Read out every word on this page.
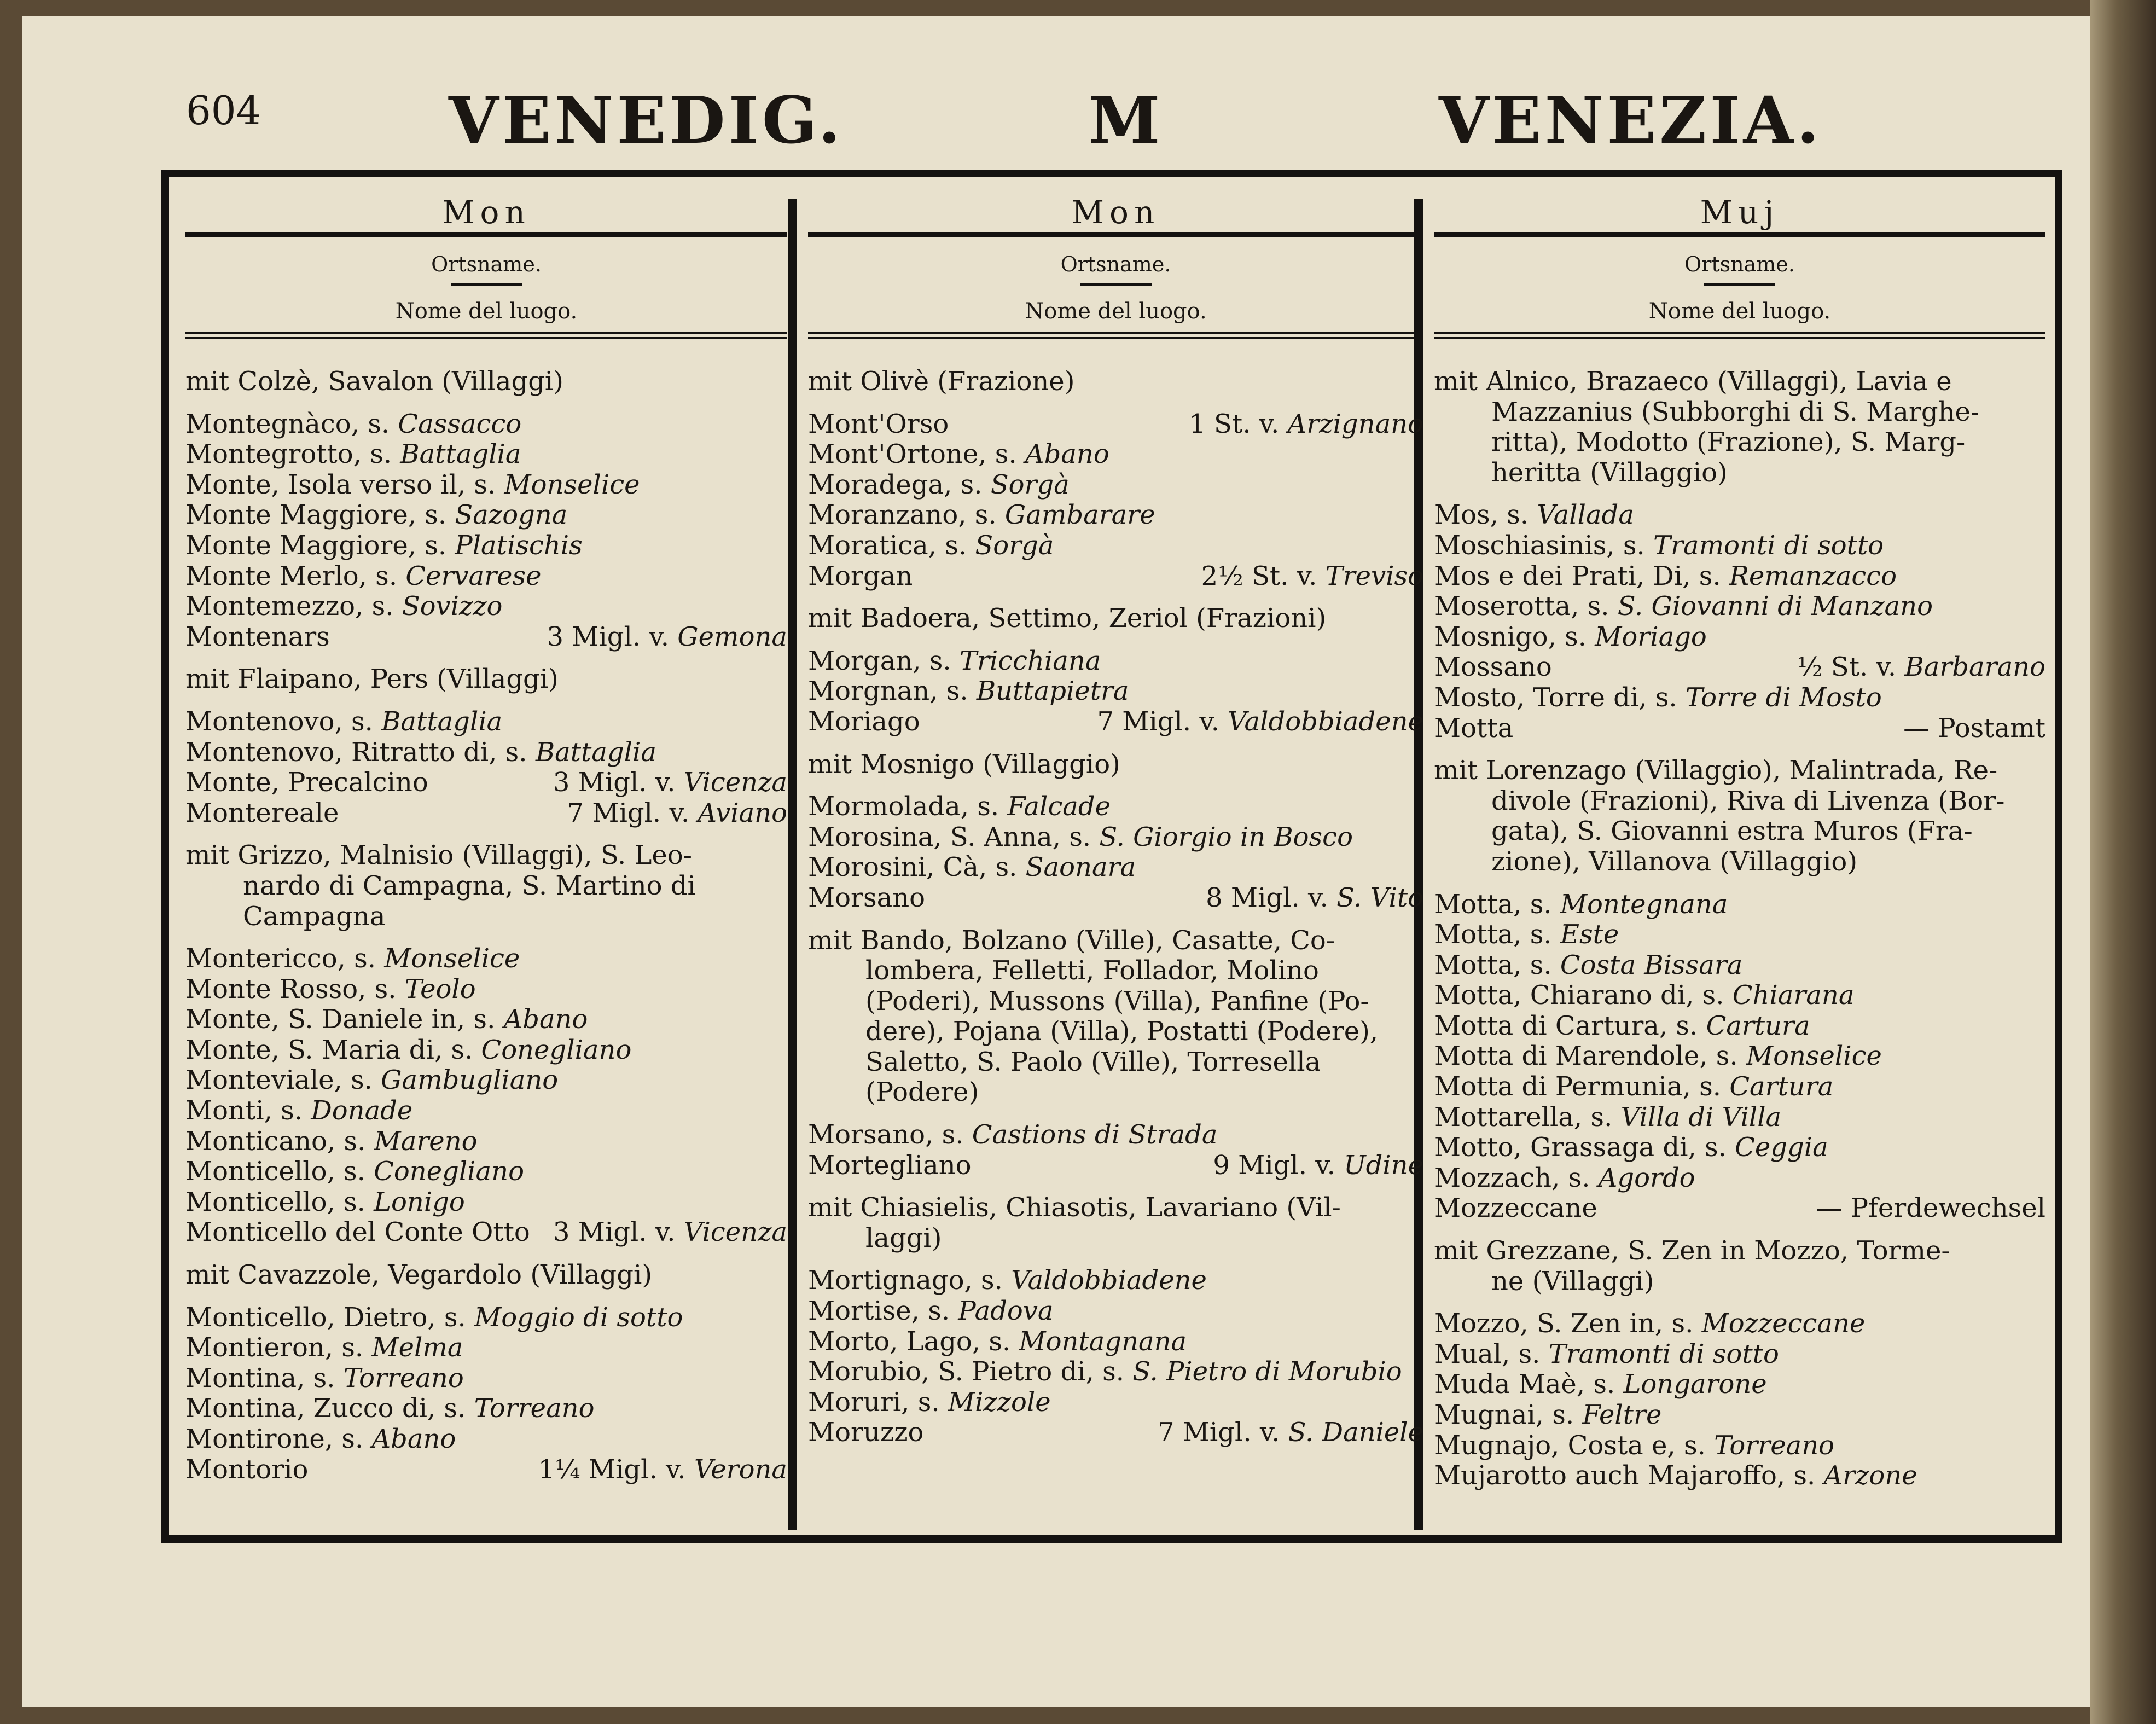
604	VENEDIG.	M	VENEZIA.
Mon
Ortsname.
Nome del luogo.
mit Colzè, Savalon (Villaggi)
Montegnàco, s. Cassacco
Montegrotto, s. Battaglia
Monte, Isola verso il, s. Monselice
Monte Maggiore, s. Sazogna
Monte Maggiore, s. Platischis
Monte Merlo, s. Cervarese
Montemezzo, s. Sovizzo
Montenars	3 Migl. v. Gemona
mit Flaipano, Pers (Villaggi)
Montenovo, s. Battaglia
Montenovo, Ritratto di, s. Battaglia
Monte, Precalcino	3 Migl. v. Vicenza
Montereale	7 Migl. v. Aviano
mit Grizzo, Malnisio (Villaggi), S. Leo-
nardo di Campagna, S. Martino di
Campagna
Montericco, s. Monselice
Monte Rosso, s. Teolo
Monte, S. Daniele in, s. Abano
Monte, S. Maria di, s. Conegliano
Monteviale, s. Gambugliano
Monti, s. Donade
Monticano, s. Mareno
Monticello, s. Conegliano
Monticello, s. Lonigo
Monticello del Conte Otto 3 Migl. v. Vicenza
mit Cavazzole, Vegardolo (Villaggi)
Monticello, Dietro, s. Moggio di sotto
Montieron, s. Melma
Montina, s. Torreano
Montina, Zucco di, s. Torreano
Montirone, s. Abano
Montorio	1¼ Migl. v. Verona
Mon
Ortsname.
Nome del luogo.
mit Olivè (Frazione)
Mont'Orso	1 St. v. Arzignano
Mont'Ortone, s. Abano
Moradega, s. Sorgà
Moranzano, s. Gambarare
Moratica, s. Sorgà
Morgan	2½ St. v. Treviso
mit Badoera, Settimo, Zeriol (Frazioni)
Morgan, s. Tricchiana
Morgnan, s. Buttapietra
Moriago	7 Migl. v. Valdobbiadene
mit Mosnigo (Villaggio)
Mormolada, s. Falcade
Morosina, S. Anna, s. S. Giorgio in Bosco
Morosini, Cà, s. Saonara
Morsano	8 Migl. v. S. Vito
mit Bando, Bolzano (Ville), Casatte, Co-
lombera, Felletti, Follador, Molino
(Poderi), Mussons (Villa), Panfine (Po-
dere), Pojana (Villa), Postatti (Podere),
Saletto, S. Paolo (Ville), Torresella
(Podere)
Morsano, s. Castions di Strada
Mortegliano	9 Migl. v. Udine
mit Chiasielis, Chiasotis, Lavariano (Vil-
laggi)
Mortignago, s. Valdobbiadene
Mortise, s. Padova
Morto, Lago, s. Montagnana
Morubio, S. Pietro di, s. S. Pietro di Morubio
Moruri, s. Mizzole
Moruzzo	7 Migl. v. S. Daniele
Muj
Ortsname.
Nome del luogo.
mit Alnico, Brazaeco (Villaggi), Lavia e
Mazzanius (Subborghi di S. Marghe-
ritta), Modotto (Frazione), S. Marg-
heritta (Villaggio)
Mos, s. Vallada
Moschiasinis, s. Tramonti di sotto
Mos e dei Prati, Di, s. Remanzacco
Moserotta, s. S. Giovanni di Manzano
Mosnigo, s. Moriago
Mossano	½ St. v. Barbarano
Mosto, Torre di, s. Torre di Mosto
Motta	— Postamt
mit Lorenzago (Villaggio), Malintrada, Re-
divole (Frazioni), Riva di Livenza (Bor-
gata), S. Giovanni estra Muros (Fra-
zione), Villanova (Villaggio)
Motta, s. Montegnana
Motta, s. Este
Motta, s. Costa Bissara
Motta, Chiarano di, s. Chiarana
Motta di Cartura, s. Cartura
Motta di Marendole, s. Monselice
Motta di Permunia, s. Cartura
Mottarella, s. Villa di Villa
Motto, Grassaga di, s. Ceggia
Mozzach, s. Agordo
Mozzeccane	— Pferdewechsel
mit Grezzane, S. Zen in Mozzo, Torme-
ne (Villaggi)
Mozzo, S. Zen in, s. Mozzeccane
Mual, s. Tramonti di sotto
Muda Maè, s. Longarone
Mugnai, s. Feltre
Mugnajo, Costa e, s. Torreano
Mujarotto auch Majaroffo, s. Arzone
